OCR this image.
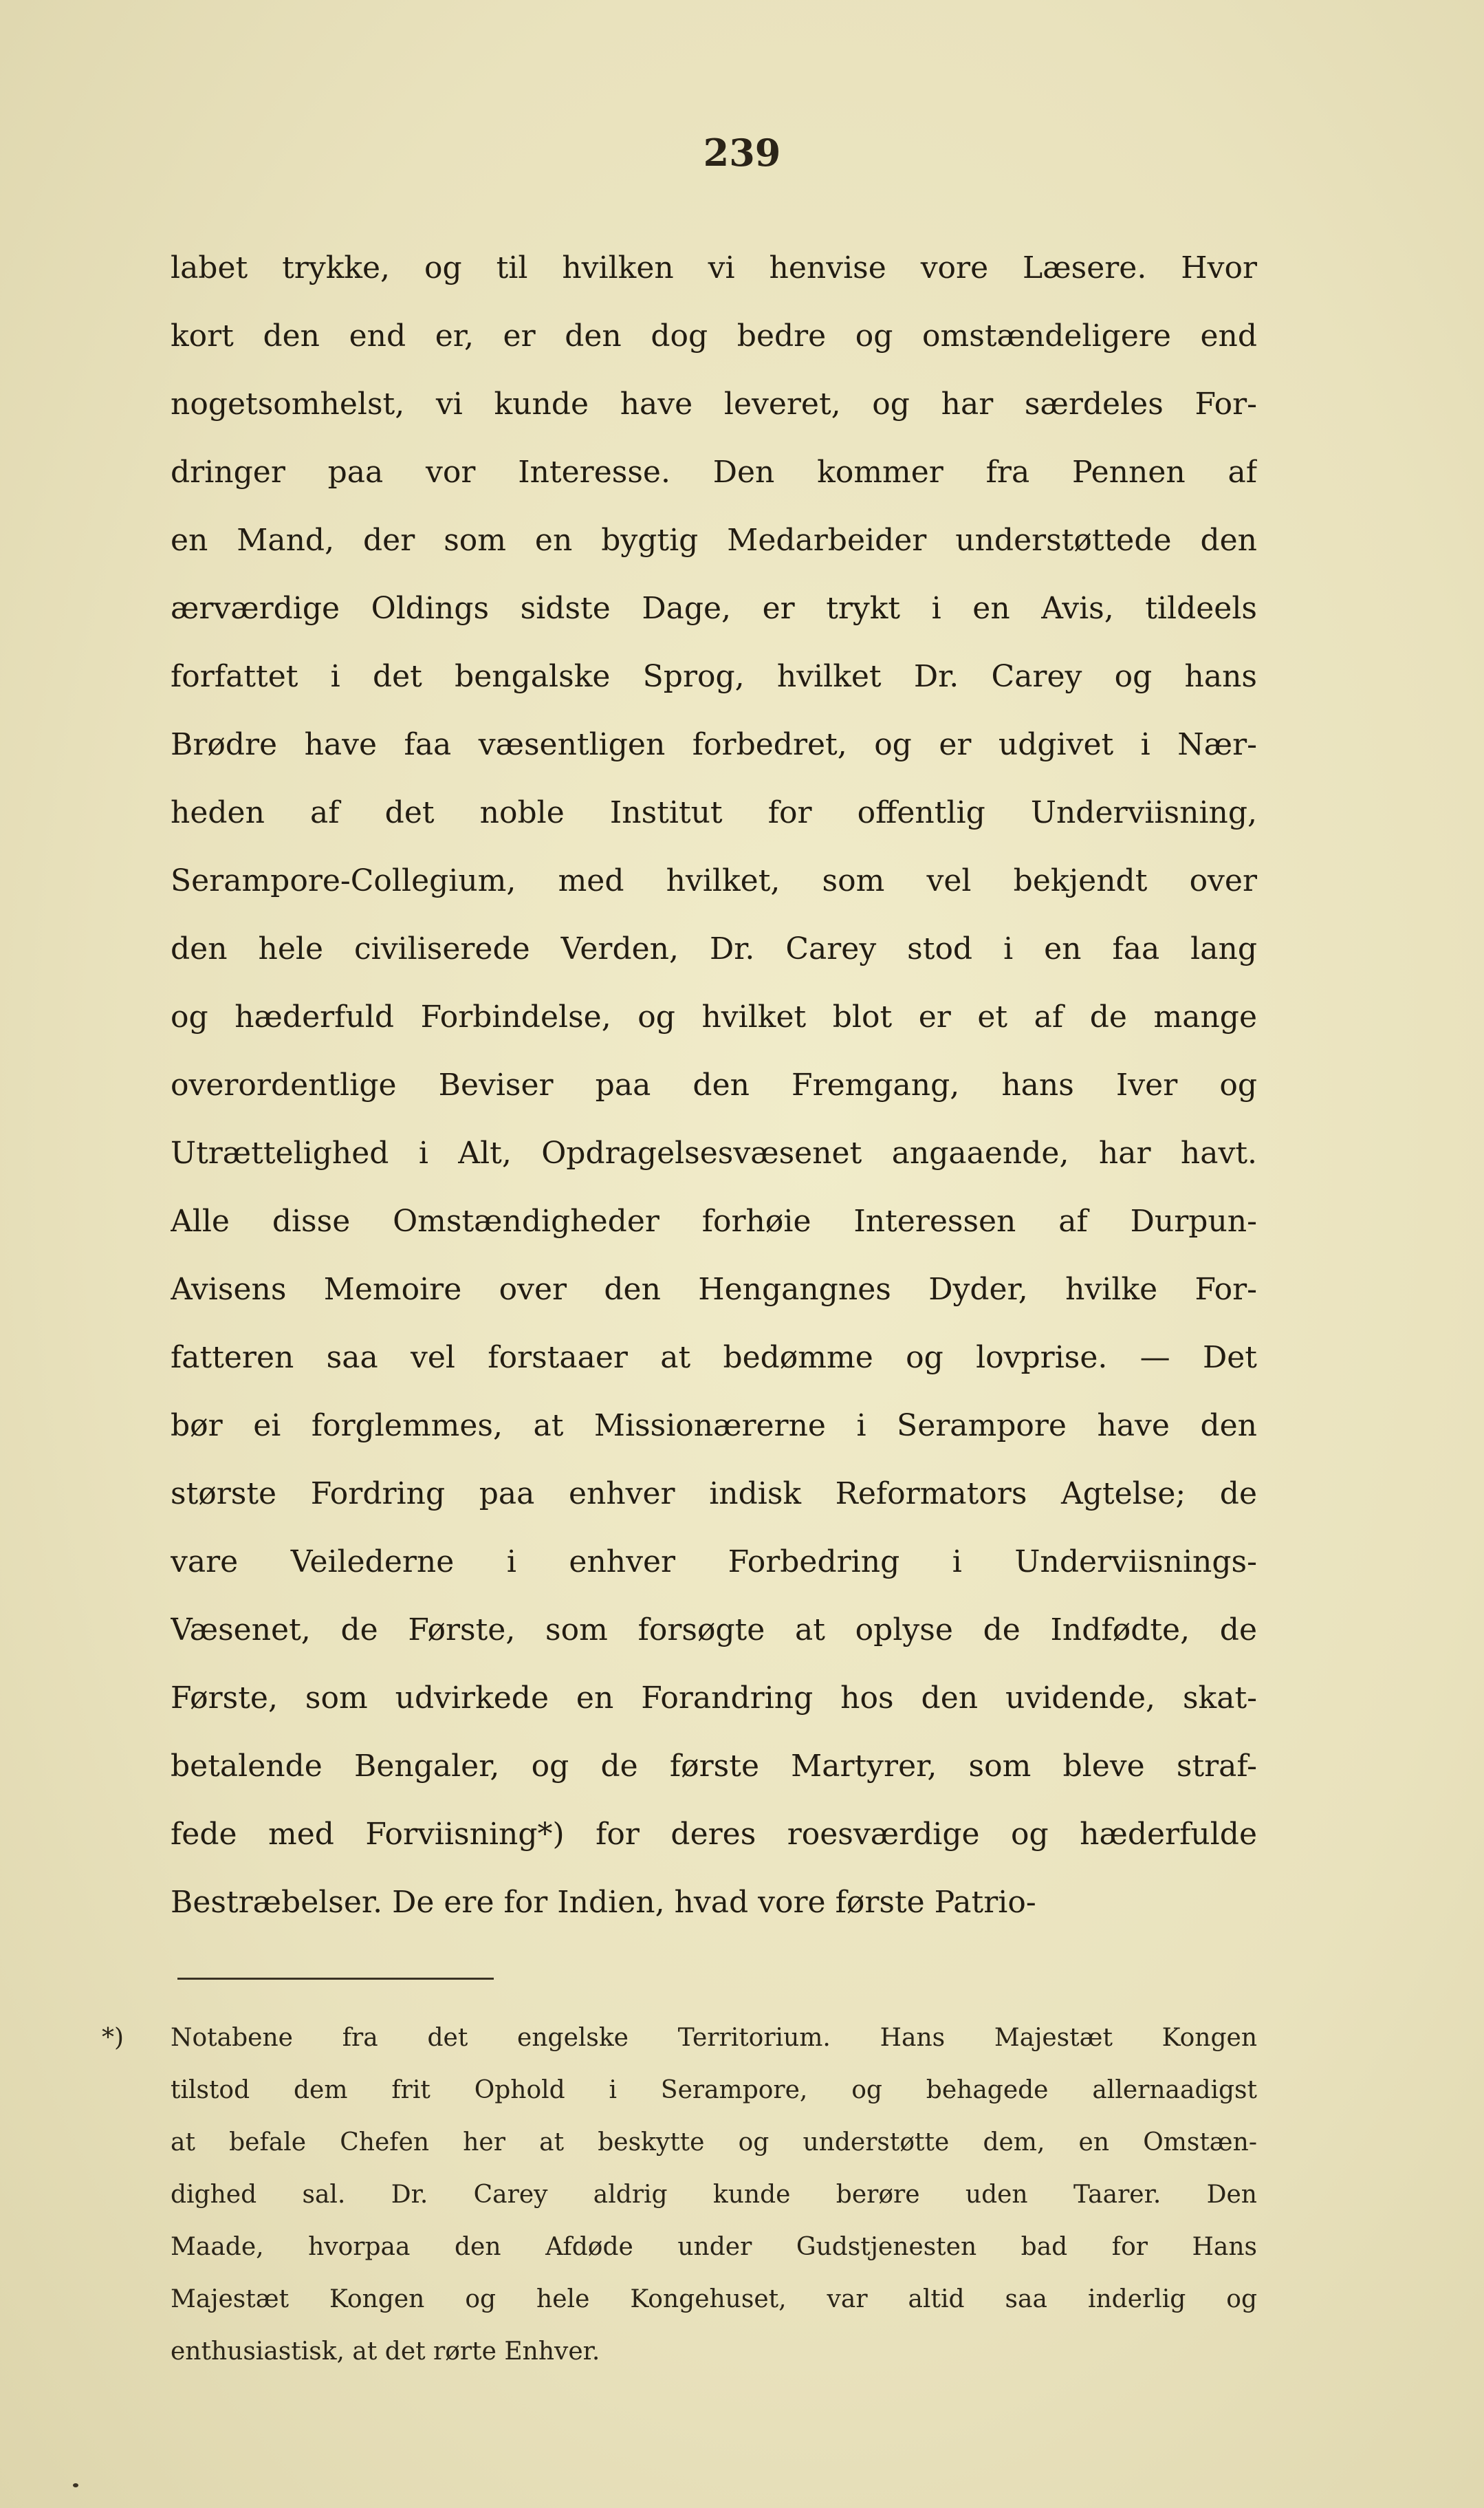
239
labet trykke, og til hvilken vi henvise vore Læsere. Hvor
kort den end er, er den dog bedre og omstændeligere end
nogetsomhelst, vi kunde have leveret, og har særdeles For-
dringer paa vor Interesse. Den kommer fra Pennen af
en Mand, der som en bygtig Medarbeider understøttede den
ærværdige Oldings sidste Dage, er trykt i en Avis, tildeels
forfattet i det bengalske Sprog, hvilket Dr. Carey og hans
Brødre have faa væsentligen forbedret, og er udgivet i Nær-
heden af det noble Institut for offentlig Underviisning,
Serampore-Collegium, med hvilket, som vel bekjendt over
den hele civiliserede Verden, Dr. Carey stod i en faa lang
og hæderfuld Forbindelse, og hvilket blot er et af de mange
overordentlige Beviser paa den Fremgang, hans Iver og
Utrættelighed i Alt, Opdragelsesvæsenet angaaende, har havt.
Alle disse Omstændigheder forhøie Interessen af Durpun-
Avisens Memoire over den Hengangnes Dyder, hvilke For-
fatteren saa vel forstaaer at bedømme og lovprise. — Det
bør ei forglemmes, at Missionærerne i Serampore have den
største Fordring paa enhver indisk Reformators Agtelse; de
vare Veilederne i enhver Forbedring i Underviisnings-
Væsenet, de Første, som forsøgte at oplyse de Indfødte, de
Første, som udvirkede en Forandring hos den uvidende, skat-
betalende Bengaler, og de første Martyrer, som bleve straf-
fede med Forviisning*) for deres roesværdige og hæderfulde
Bestræbelser. De ere for Indien, hvad vore første Patrio-
*) Notabene fra det engelske Territorium. Hans Majestæt Kongen
tilstod dem frit Ophold i Serampore, og behagede allernaadigst
at befale Chefen her at beskytte og understøtte dem, en Omstæn-
dighed sal. Dr. Carey aldrig kunde berøre uden Taarer. Den
Maade, hvorpaa den Afdøde under Gudstjenesten bad for Hans
Majestæt Kongen og hele Kongehuset, var altid saa inderlig og
enthusiastisk, at det rørte Enhver.
